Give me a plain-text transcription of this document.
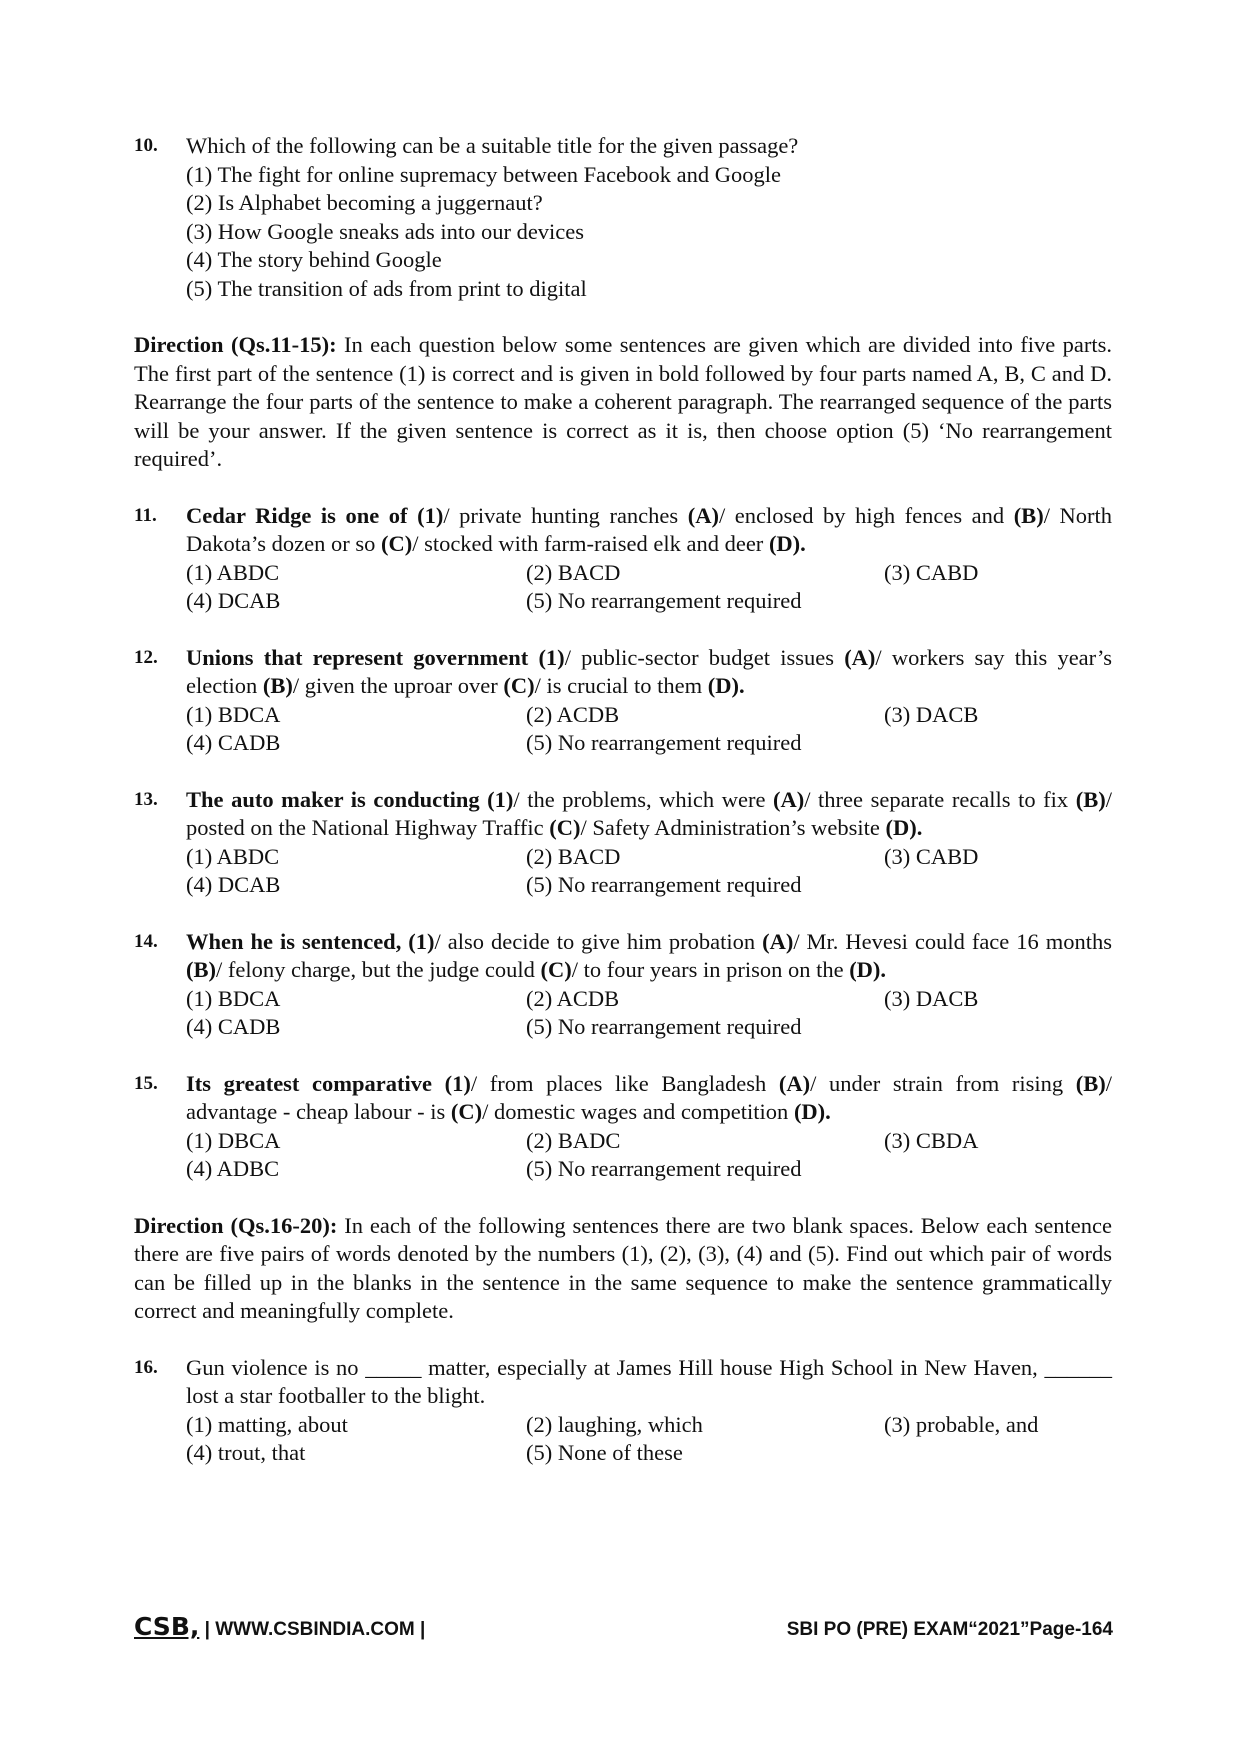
10.	Which of the following can be a suitable title for the given passage?
(1) The fight for online supremacy between Facebook and Google
(2) Is Alphabet becoming a juggernaut?
(3) How Google sneaks ads into our devices
(4) The story behind Google
(5) The transition of ads from print to digital
Direction (Qs.11-15): In each question below some sentences are given which are divided into five parts. The first part of the sentence (1) is correct and is given in bold followed by four parts named A, B, C and D. Rearrange the four parts of the sentence to make a coherent paragraph. The rearranged sequence of the parts will be your answer. If the given sentence is correct as it is, then choose option (5) ‘No rearrangement required’.
11.	Cedar Ridge is one of (1)/ private hunting ranches (A)/ enclosed by high fences and (B)/ North Dakota’s dozen or so (C)/ stocked with farm-raised elk and deer (D).
(1) ABDC	(2) BACD	(3) CABD
(4) DCAB	(5) No rearrangement required
12.	Unions that represent government (1)/ public-sector budget issues (A)/ workers say this year’s election (B)/ given the uproar over (C)/ is crucial to them (D).
(1) BDCA	(2) ACDB	(3) DACB
(4) CADB	(5) No rearrangement required
13.	The auto maker is conducting (1)/ the problems, which were (A)/ three separate recalls to fix (B)/ posted on the National Highway Traffic (C)/ Safety Administration’s website (D).
(1) ABDC	(2) BACD	(3) CABD
(4) DCAB	(5) No rearrangement required
14.	When he is sentenced, (1)/ also decide to give him probation (A)/ Mr. Hevesi could face 16 months (B)/ felony charge, but the judge could (C)/ to four years in prison on the (D).
(1) BDCA	(2) ACDB	(3) DACB
(4) CADB	(5) No rearrangement required
15.	Its greatest comparative (1)/ from places like Bangladesh (A)/ under strain from rising (B)/ advantage - cheap labour - is (C)/ domestic wages and competition (D).
(1) DBCA	(2) BADC	(3) CBDA
(4) ADBC	(5) No rearrangement required
Direction (Qs.16-20): In each of the following sentences there are two blank spaces. Below each sentence there are five pairs of words denoted by the numbers (1), (2), (3), (4) and (5). Find out which pair of words can be filled up in the blanks in the sentence in the same sequence to make the sentence grammatically correct and meaningfully complete.
16.	Gun violence is no _____ matter, especially at James Hill house High School in New Haven, ______ lost a star footballer to the blight.
(1) matting, about	(2) laughing, which	(3) probable, and
(4) trout, that	(5) None of these
CSB, | WWW.CSBINDIA.COM |	SBI PO (PRE) EXAM“2021”Page-164
